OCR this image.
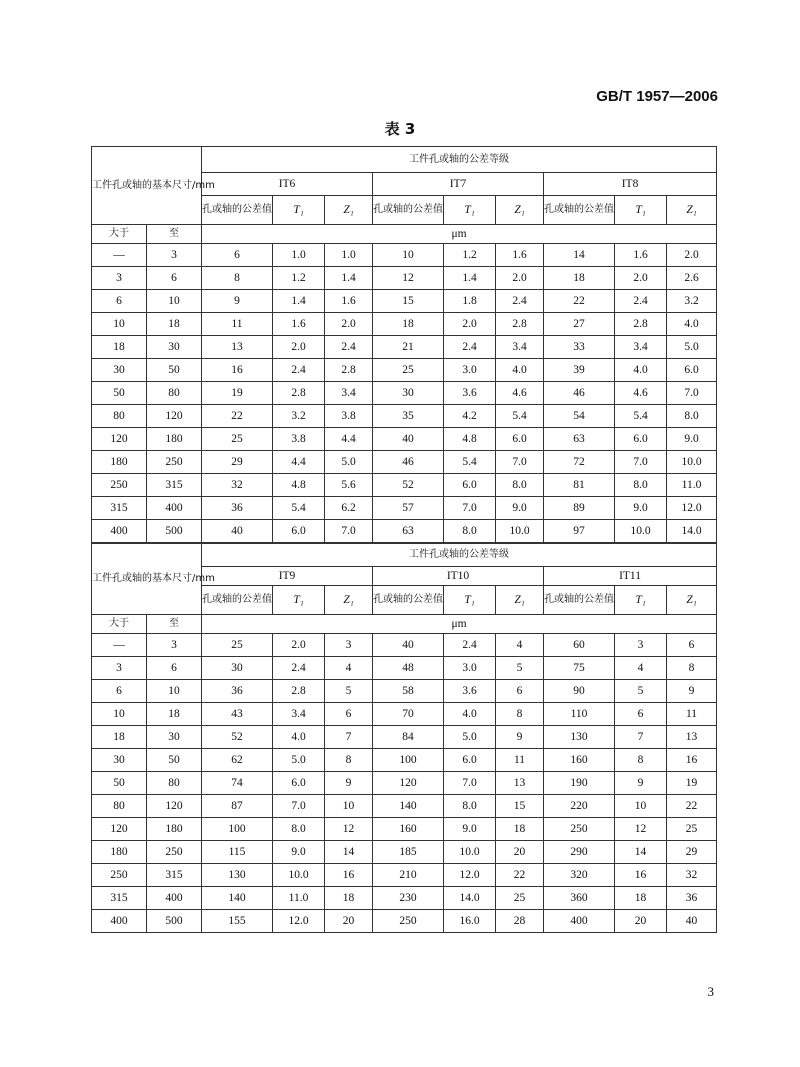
GB/T 1957—2006
表 3
工件孔或轴的基本尺寸/mm		工件孔或轴的公差等级								
		IT6			IT7			IT8		
		孔或轴的公差值	T₁	Z₁	孔或轴的公差值	T₁	Z₁	孔或轴的公差值	T₁	Z₁
大于	至	μm								
—	3	6	1.0	1.0	10	1.2	1.6	14	1.6	2.0
3	6	8	1.2	1.4	12	1.4	2.0	18	2.0	2.6
6	10	9	1.4	1.6	15	1.8	2.4	22	2.4	3.2
10	18	11	1.6	2.0	18	2.0	2.8	27	2.8	4.0
18	30	13	2.0	2.4	21	2.4	3.4	33	3.4	5.0
30	50	16	2.4	2.8	25	3.0	4.0	39	4.0	6.0
50	80	19	2.8	3.4	30	3.6	4.6	46	4.6	7.0
80	120	22	3.2	3.8	35	4.2	5.4	54	5.4	8.0
120	180	25	3.8	4.4	40	4.8	6.0	63	6.0	9.0
180	250	29	4.4	5.0	46	5.4	7.0	72	7.0	10.0
250	315	32	4.8	5.6	52	6.0	8.0	81	8.0	11.0
315	400	36	5.4	6.2	57	7.0	9.0	89	9.0	12.0
400	500	40	6.0	7.0	63	8.0	10.0	97	10.0	14.0
工件孔或轴的基本尺寸/mm		工件孔或轴的公差等级								
		IT9			IT10			IT11		
		孔或轴的公差值	T₁	Z₁	孔或轴的公差值	T₁	Z₁	孔或轴的公差值	T₁	Z₁
大于	至	μm								
—	3	25	2.0	3	40	2.4	4	60	3	6
3	6	30	2.4	4	48	3.0	5	75	4	8
6	10	36	2.8	5	58	3.6	6	90	5	9
10	18	43	3.4	6	70	4.0	8	110	6	11
18	30	52	4.0	7	84	5.0	9	130	7	13
30	50	62	5.0	8	100	6.0	11	160	8	16
50	80	74	6.0	9	120	7.0	13	190	9	19
80	120	87	7.0	10	140	8.0	15	220	10	22
120	180	100	8.0	12	160	9.0	18	250	12	25
180	250	115	9.0	14	185	10.0	20	290	14	29
250	315	130	10.0	16	210	12.0	22	320	16	32
315	400	140	11.0	18	230	14.0	25	360	18	36
400	500	155	12.0	20	250	16.0	28	400	20	40
3
